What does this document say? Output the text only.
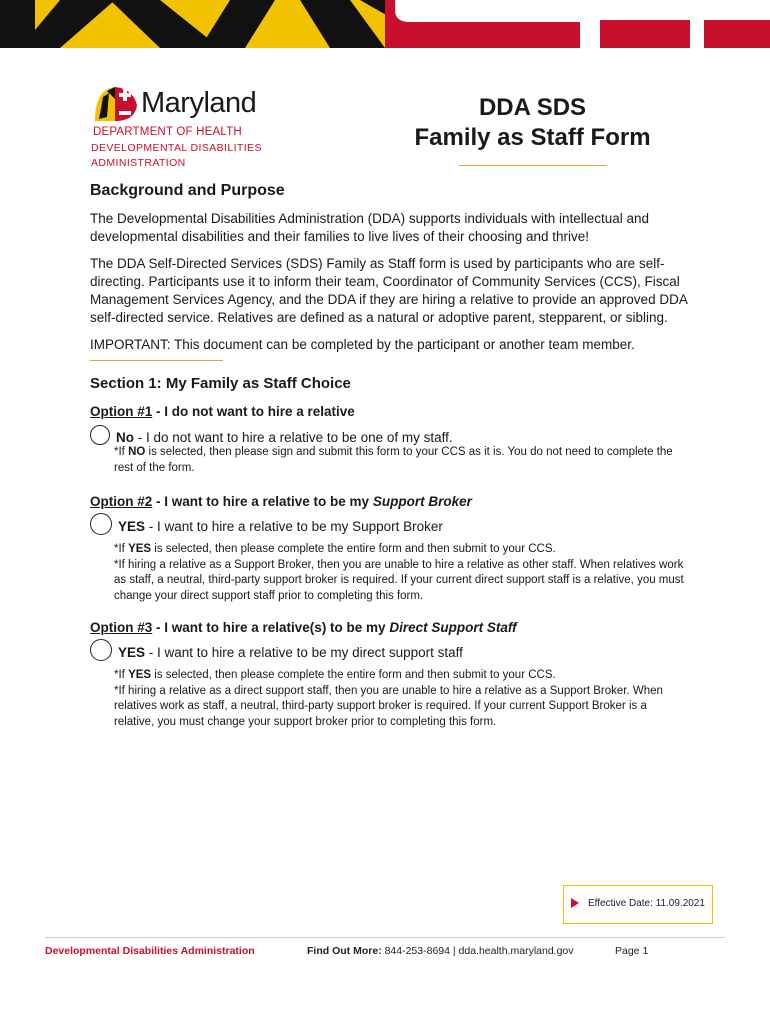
Maryland
DEPARTMENT OF HEALTH
DEVELOPMENTAL DISABILITIES ADMINISTRATION
DDA SDS
Family as Staff Form
Background and Purpose

The Developmental Disabilities Administration (DDA) supports individuals with intellectual and developmental disabilities and their families to live lives of their choosing and thrive!

The DDA Self-Directed Services (SDS) Family as Staff form is used by participants who are self-directing. Participants use it to inform their team, Coordinator of Community Services (CCS), Fiscal Management Services Agency, and the DDA if they are hiring a relative to provide an approved DDA self-directed service. Relatives are defined as a natural or adoptive parent, stepparent, or sibling.

IMPORTANT: This document can be completed by the participant or another team member.

Section 1: My Family as Staff Choice
Option #1 - I do not want to hire a relative
No - I do not want to hire a relative to be one of my staff.
*If NO is selected, then please sign and submit this form to your CCS as it is. You do not need to complete the rest of the form.
Option #2 - I want to hire a relative to be my Support Broker
YES - I want to hire a relative to be my Support Broker
*If YES is selected, then please complete the entire form and then submit to your CCS.
*If hiring a relative as a Support Broker, then you are unable to hire a relative as other staff. When relatives work as staff, a neutral, third-party support broker is required. If your current direct support staff is a relative, you must change your direct support staff prior to completing this form.
Option #3 - I want to hire a relative(s) to be my Direct Support Staff
YES - I want to hire a relative to be my direct support staff
*If YES is selected, then please complete the entire form and then submit to your CCS.
*If hiring a relative as a direct support staff, then you are unable to hire a relative as a Support Broker. When relatives work as staff, a neutral, third-party support broker is required. If your current Support Broker is a relative, you must change your support broker prior to completing this form.
Effective Date: 11.09.2021
Developmental Disabilities Administration	Find Out More: 844-253-8694 | dda.health.maryland.gov	Page 1
